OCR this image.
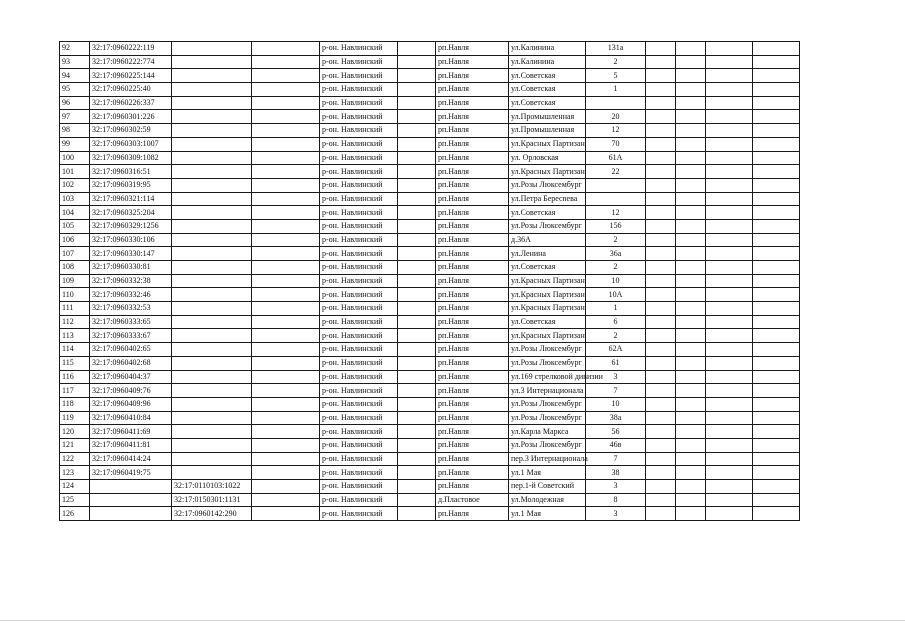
92	32:17:0960222:119			р-он. Навлинский		рп.Навля	ул.Калинина	131а				
93	32:17:0960222:774			р-он. Навлинский		рп.Навля	ул.Калинина	2				
94	32:17:0960225:144			р-он. Навлинский		рп.Навля	ул.Советская	5				
95	32:17:0960225:40			р-он. Навлинский		рп.Навля	ул.Советская	1				
96	32:17:0960226:337			р-он. Навлинский		рп.Навля	ул.Советская					
97	32:17:0960301:226			р-он. Навлинский		рп.Навля	ул.Промышленная	20				
98	32:17:0960302:59			р-он. Навлинский		рп.Навля	ул.Промышленная	12				
99	32:17:0960303:1007			р-он. Навлинский		рп.Навля	ул.Красных Партизан	70				
100	32:17:0960309:1082			р-он. Навлинский		рп.Навля	ул. Орловская	61А				
101	32:17:0960316:51			р-он. Навлинский		рп.Навля	ул.Красных Партизан	22				
102	32:17:0960319:95			р-он. Навлинский		рп.Навля	ул.Розы Люксембург					
103	32:17:0960321:114			р-он. Навлинский		рп.Навля	ул.Петра Бересnева					
104	32:17:0960325:204			р-он. Навлинский		рп.Навля	ул.Советская	12				
105	32:17:0960329:1256			р-он. Навлинский		рп.Навля	ул.Розы Люксембург	156				
106	32:17:0960330:106			р-он. Навлинский		рп.Навля	д.36А	2				
107	32:17:0960330:147			р-он. Навлинский		рп.Навля	ул.Ленина	36а				
108	32:17:0960330:81			р-он. Навлинский		рп.Навля	ул.Советская	2				
109	32:17:0960332:38			р-он. Навлинский		рп.Навля	ул.Красных Партизан	10				
110	32:17:0960332:46			р-он. Навлинский		рп.Навля	ул.Красных Партизан	10А				
111	32:17:0960332:53			р-он. Навлинский		рп.Навля	ул.Красных Партизан	1				
112	32:17:0960333:65			р-он. Навлинский		рп.Навля	ул.Советская	6				
113	32:17:0960333:67			р-он. Навлинский		рп.Навля	ул.Красных Партизан	2				
114	32:17:0960402:65			р-он. Навлинский		рп.Навля	ул.Розы Люксембург	62А				
115	32:17:0960402:68			р-он. Навлинский		рп.Навля	ул.Розы Люксембург	61				
116	32:17:0960404:37			р-он. Навлинский		рп.Навля	ул.169 стрелковой дивизии	3				
117	32:17:0960409:76			р-он. Навлинский		рп.Навля	ул.3 Интернационала	7				
118	32:17:0960409:96			р-он. Навлинский		рп.Навля	ул.Розы Люксембург	10				
119	32:17:0960410:84			р-он. Навлинский		рп.Навля	ул.Розы Люксембург	38а				
120	32:17:0960411:69			р-он. Навлинский		рп.Навля	ул.Карла Маркса	56				
121	32:17:0960411:81			р-он. Навлинский		рп.Навля	ул.Розы Люксембург	46в				
122	32:17:0960414:24			р-он. Навлинский		рп.Навля	пер.3 Интернационала	7				
123	32:17:0960419:75			р-он. Навлинский		рп.Навля	ул.1 Мая	38				
124		32:17:0110103:1022		р-он. Навлинский		рп.Навля	пер.1-й Советский	3				
125		32:17:0150301:1131		р-он. Навлинский		д.Пластовое	ул.Молодежная	8				
126		32:17:0960142:290		р-он. Навлинский		рп.Навля	ул.1 Мая	3				
